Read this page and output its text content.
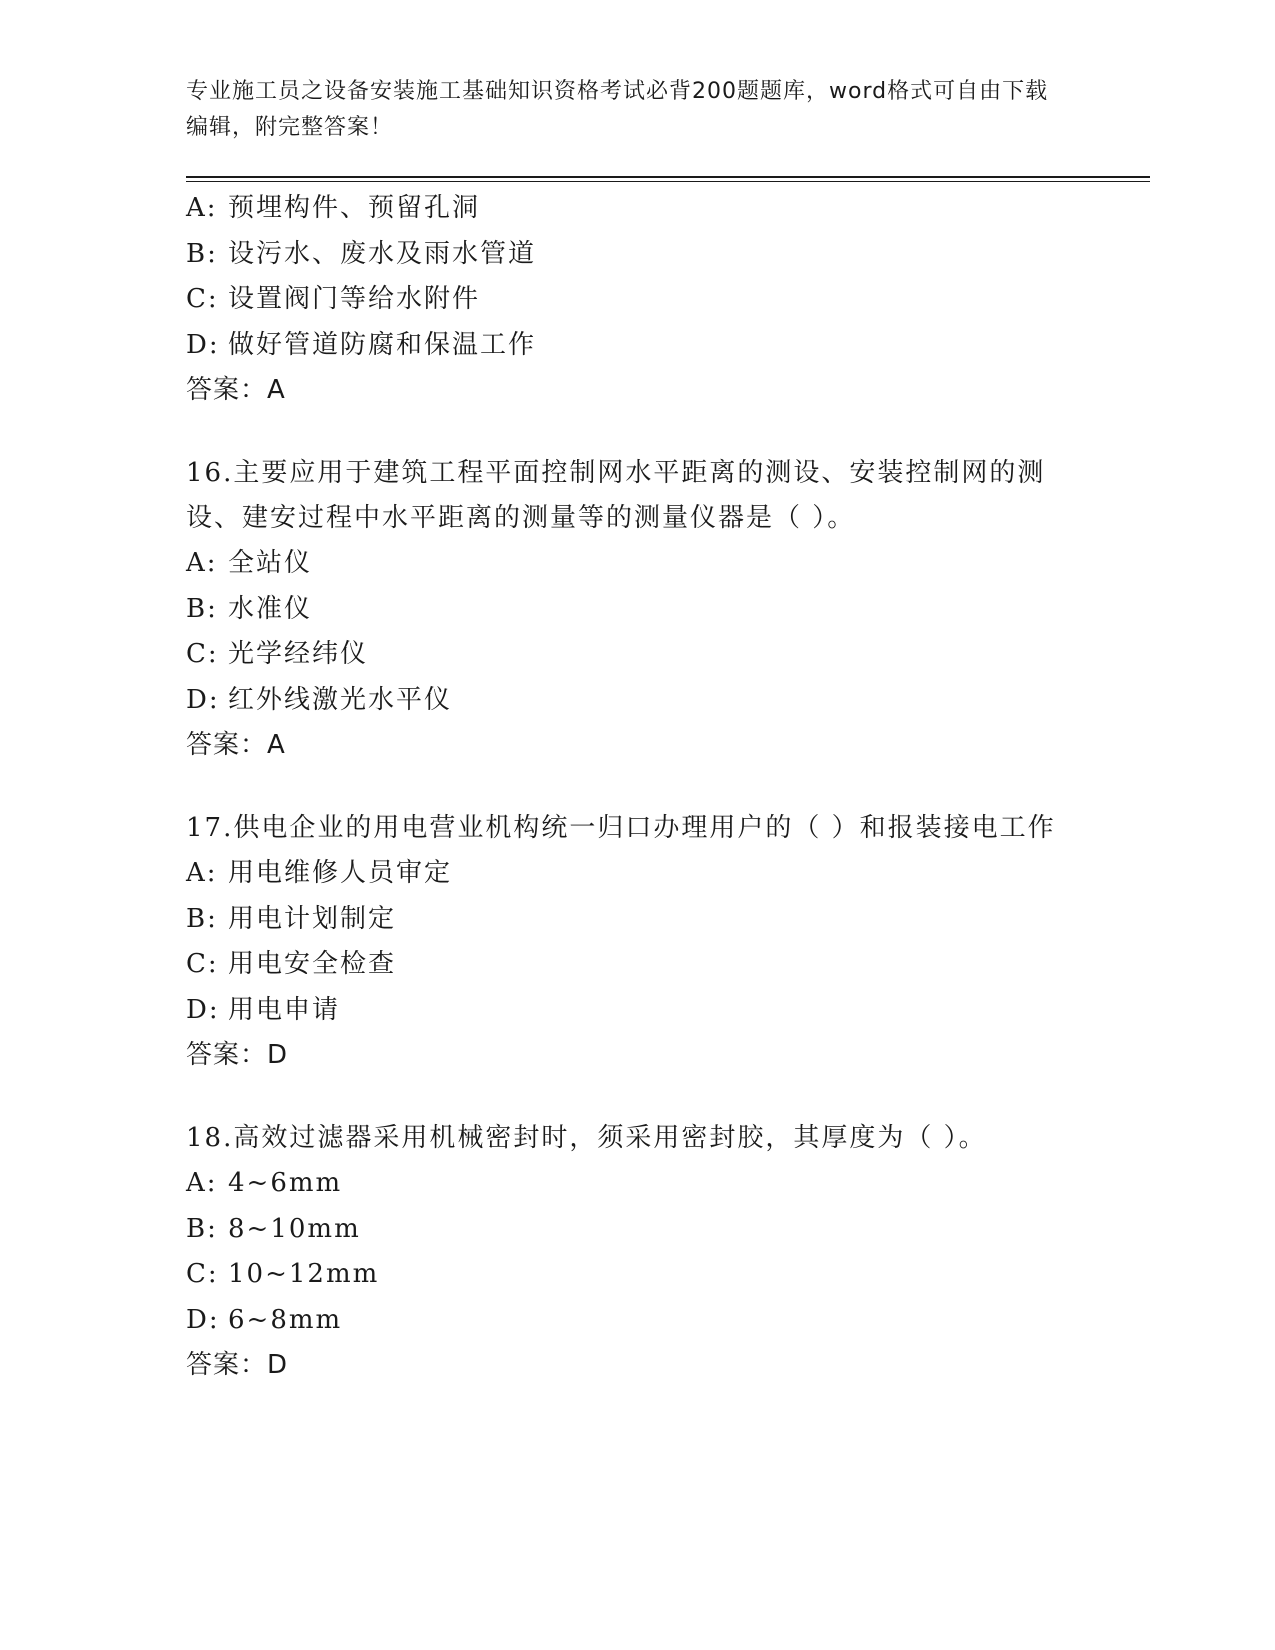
专业施工员之设备安装施工基础知识资格考试必背200题题库，word格式可自由下载编辑，附完整答案！
A: 预埋构件、预留孔洞
B: 设污水、废水及雨水管道
C: 设置阀门等给水附件
D: 做好管道防腐和保温工作
答案：A
16.主要应用于建筑工程平面控制网水平距离的测设、安装控制网的测设、建安过程中水平距离的测量等的测量仪器是（ ）。
A: 全站仪
B: 水准仪
C: 光学经纬仪
D: 红外线激光水平仪
答案：A
17.供电企业的用电营业机构统一归口办理用户的（ ）和报装接电工作
A: 用电维修人员审定
B: 用电计划制定
C: 用电安全检查
D: 用电申请
答案：D
18.高效过滤器采用机械密封时，须采用密封胶，其厚度为（ ）。
A: 4~6mm
B: 8~10mm
C: 10~12mm
D: 6~8mm
答案：D
